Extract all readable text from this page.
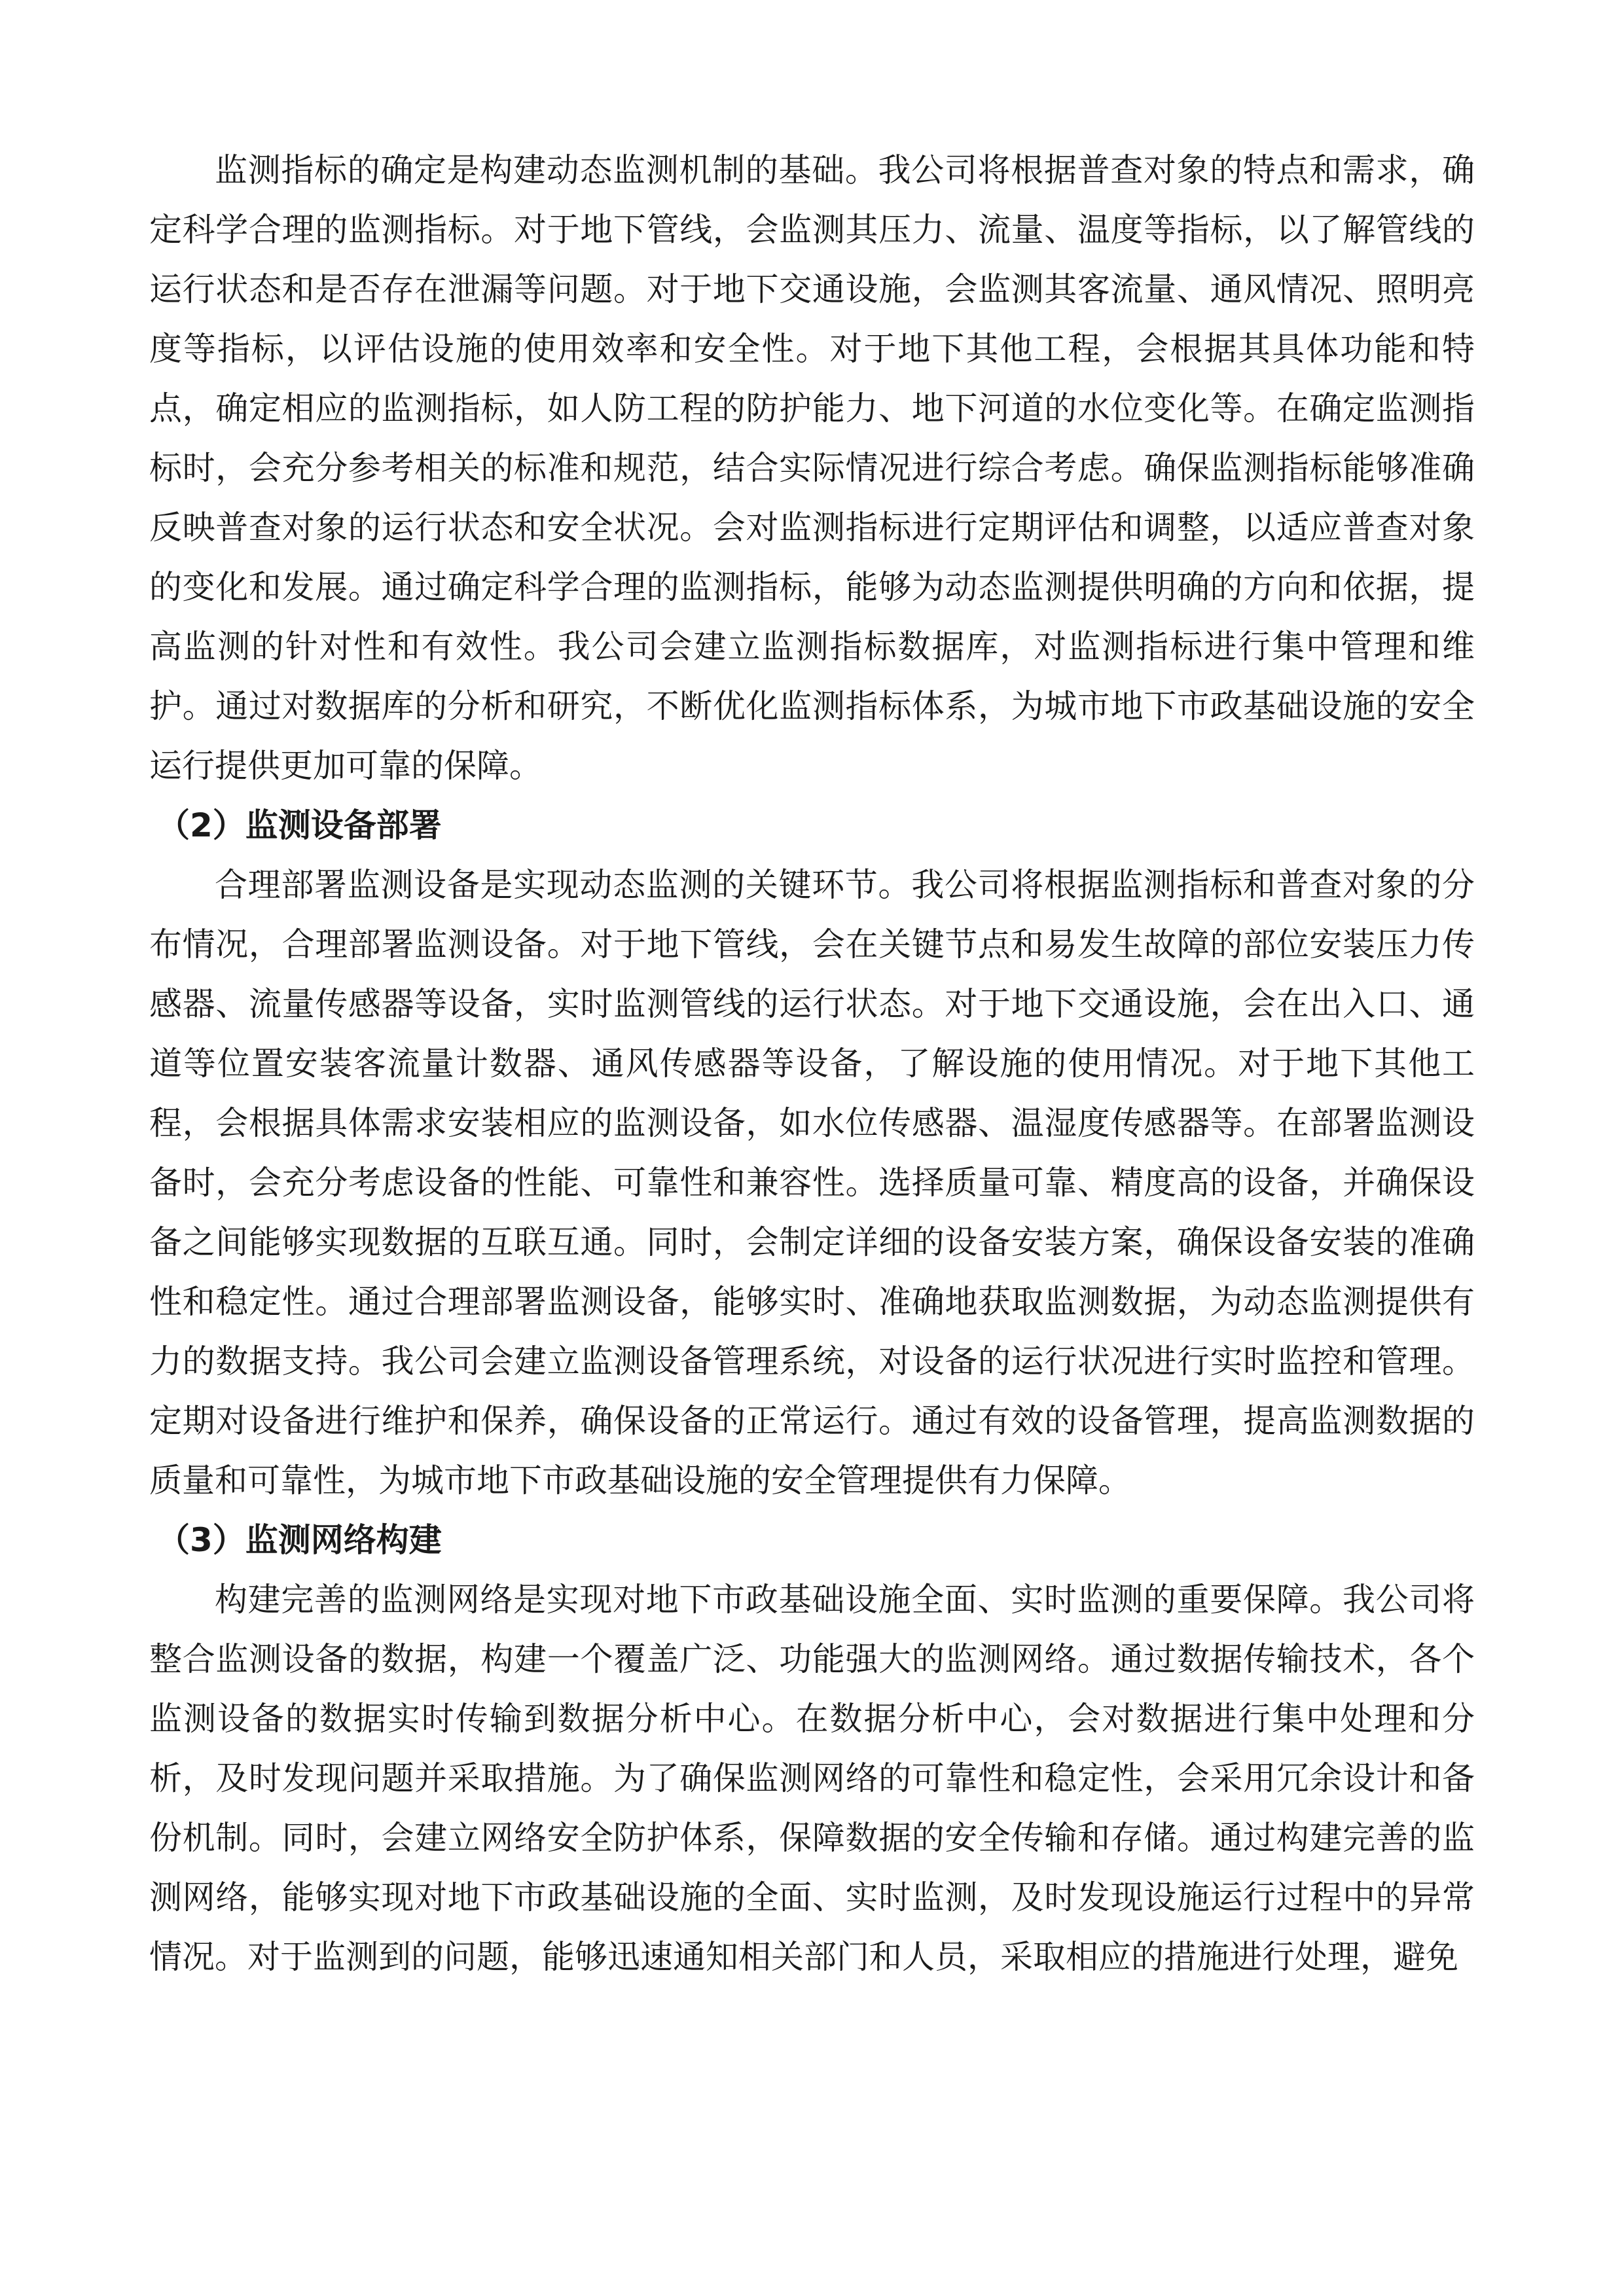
监测指标的确定是构建动态监测机制的基础。我公司将根据普查对象的特点和需求，确定科学合理的监测指标。对于地下管线，会监测其压力、流量、温度等指标，以了解管线的运行状态和是否存在泄漏等问题。对于地下交通设施，会监测其客流量、通风情况、照明亮度等指标，以评估设施的使用效率和安全性。对于地下其他工程，会根据其具体功能和特点，确定相应的监测指标，如人防工程的防护能力、地下河道的水位变化等。在确定监测指标时，会充分参考相关的标准和规范，结合实际情况进行综合考虑。确保监测指标能够准确反映普查对象的运行状态和安全状况。会对监测指标进行定期评估和调整，以适应普查对象的变化和发展。通过确定科学合理的监测指标，能够为动态监测提供明确的方向和依据，提高监测的针对性和有效性。我公司会建立监测指标数据库，对监测指标进行集中管理和维护。通过对数据库的分析和研究，不断优化监测指标体系，为城市地下市政基础设施的安全运行提供更加可靠的保障。

（2）监测设备部署

合理部署监测设备是实现动态监测的关键环节。我公司将根据监测指标和普查对象的分布情况，合理部署监测设备。对于地下管线，会在关键节点和易发生故障的部位安装压力传感器、流量传感器等设备，实时监测管线的运行状态。对于地下交通设施，会在出入口、通道等位置安装客流量计数器、通风传感器等设备，了解设施的使用情况。对于地下其他工程，会根据具体需求安装相应的监测设备，如水位传感器、温湿度传感器等。在部署监测设备时，会充分考虑设备的性能、可靠性和兼容性。选择质量可靠、精度高的设备，并确保设备之间能够实现数据的互联互通。同时，会制定详细的设备安装方案，确保设备安装的准确性和稳定性。通过合理部署监测设备，能够实时、准确地获取监测数据，为动态监测提供有力的数据支持。我公司会建立监测设备管理系统，对设备的运行状况进行实时监控和管理。定期对设备进行维护和保养，确保设备的正常运行。通过有效的设备管理，提高监测数据的质量和可靠性，为城市地下市政基础设施的安全管理提供有力保障。

（3）监测网络构建

构建完善的监测网络是实现对地下市政基础设施全面、实时监测的重要保障。我公司将整合监测设备的数据，构建一个覆盖广泛、功能强大的监测网络。通过数据传输技术，各个监测设备的数据实时传输到数据分析中心。在数据分析中心，会对数据进行集中处理和分析，及时发现问题并采取措施。为了确保监测网络的可靠性和稳定性，会采用冗余设计和备份机制。同时，会建立网络安全防护体系，保障数据的安全传输和存储。通过构建完善的监测网络，能够实现对地下市政基础设施的全面、实时监测，及时发现设施运行过程中的异常情况。对于监测到的问题，能够迅速通知相关部门和人员，采取相应的措施进行处理，避免
